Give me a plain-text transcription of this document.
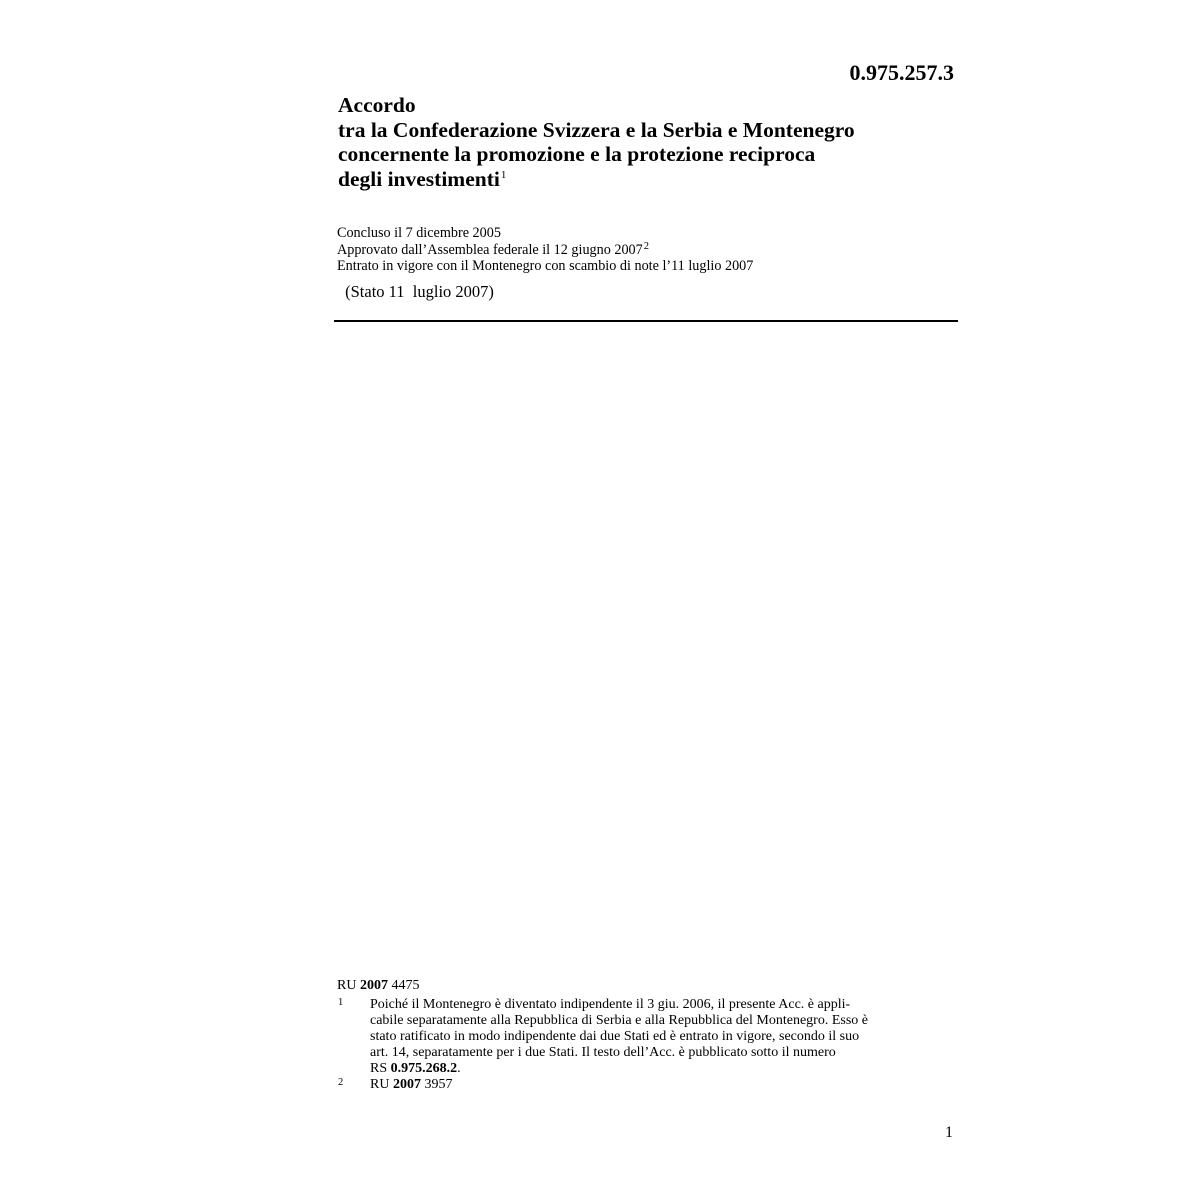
0.975.257.3
Accordo
tra la Confederazione Svizzera e la Serbia e Montenegro
concernente la promozione e la protezione reciproca
degli investimenti$^1$
Concluso il 7 dicembre 2005
Approvato dall’Assemblea federale il 12 giugno 2007$^2$
Entrato in vigore con il Montenegro con scambio di note l’11 luglio 2007
(Stato 11  luglio 2007)
RU 2007 4475
1 Poiché il Montenegro è diventato indipendente il 3 giu. 2006, il presente Acc. è appli-
cabile separatamente alla Repubblica di Serbia e alla Repubblica del Montenegro. Esso è
stato ratificato in modo indipendente dai due Stati ed è entrato in vigore, secondo il suo
art. 14, separatamente per i due Stati. Il testo dell’Acc. è pubblicato sotto il numero
RS 0.975.268.2.
2 RU 2007 3957
1
